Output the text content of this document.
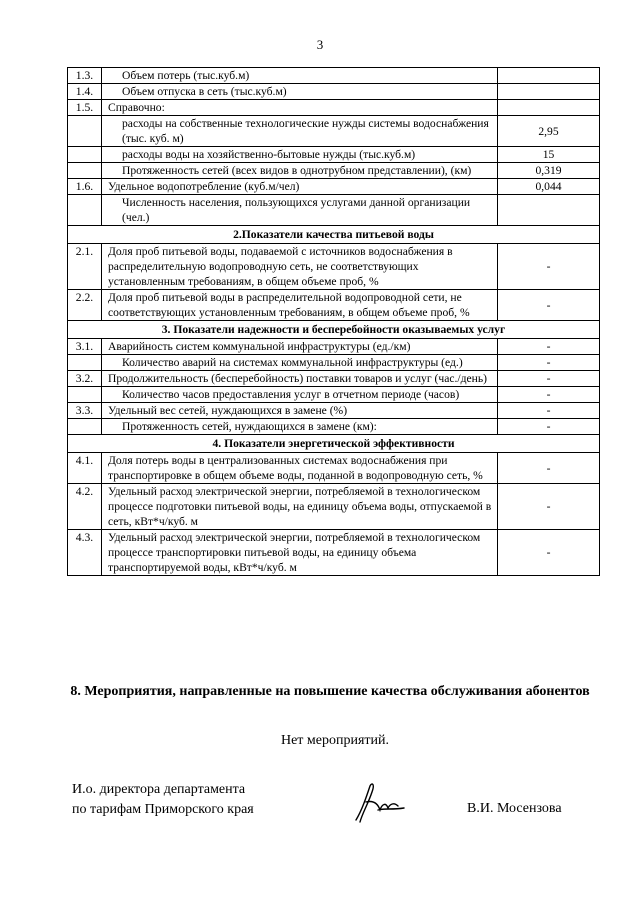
3
1.3.	Объем потерь (тыс.куб.м)	

1.4.	Объем отпуска в сеть (тыс.куб.м)	

1.5.	Справочно:	

	расходы на собственные технологические нужды системы водоснабжения (тыс. куб. м)	2,95

	расходы воды на хозяйственно-бытовые нужды (тыс.куб.м)	15

	Протяженность сетей (всех видов в однотрубном представлении), (км)	0,319
1.6.	Удельное водопотребление (куб.м/чел)	0,044

	Численность населения, пользующихся услугами данной организации (чел.)	

2.Показатели качества питьевой воды		
2.1.	Доля проб питьевой воды, подаваемой с источников водоснабжения в распределительную водопроводную сеть, не соответствующих установленным требованиям, в общем объеме проб, %	-
2.2.	Доля проб питьевой воды в распределительной водопроводной сети, не соответствующих установленным требованиям, в общем объеме проб, %	-
3. Показатели надежности и бесперебойности оказываемых услуг		
3.1.	Аварийность систем коммунальной инфраструктуры (ед./км)	-

	Количество аварий на системах коммунальной инфраструктуры (ед.)	-
3.2.	Продолжительность (бесперебойность) поставки товаров и услуг (час./день)	-

	Количество часов предоставления услуг в отчетном периоде (часов)	-
3.3.	Удельный вес сетей, нуждающихся в замене (%)	-

	Протяженность сетей, нуждающихся в замене (км):	-
4. Показатели энергетической эффективности		
4.1.	Доля потерь воды в централизованных системах водоснабжения при транспортировке в общем объеме воды, поданной в водопроводную сеть, %	-
4.2.	Удельный расход электрической энергии, потребляемой в технологическом процессе подготовки питьевой воды, на единицу объема воды, отпускаемой в сеть, кВт*ч/куб. м	-
4.3.	Удельный расход электрической энергии, потребляемой в технологическом процессе транспортировки питьевой воды, на единицу объема транспортируемой воды, кВт*ч/куб. м	-
8. Мероприятия, направленные на повышение качества обслуживания абонентов
Нет мероприятий.
И.о. директора департамента
по тарифам Приморского края	В.И. Мосензова
